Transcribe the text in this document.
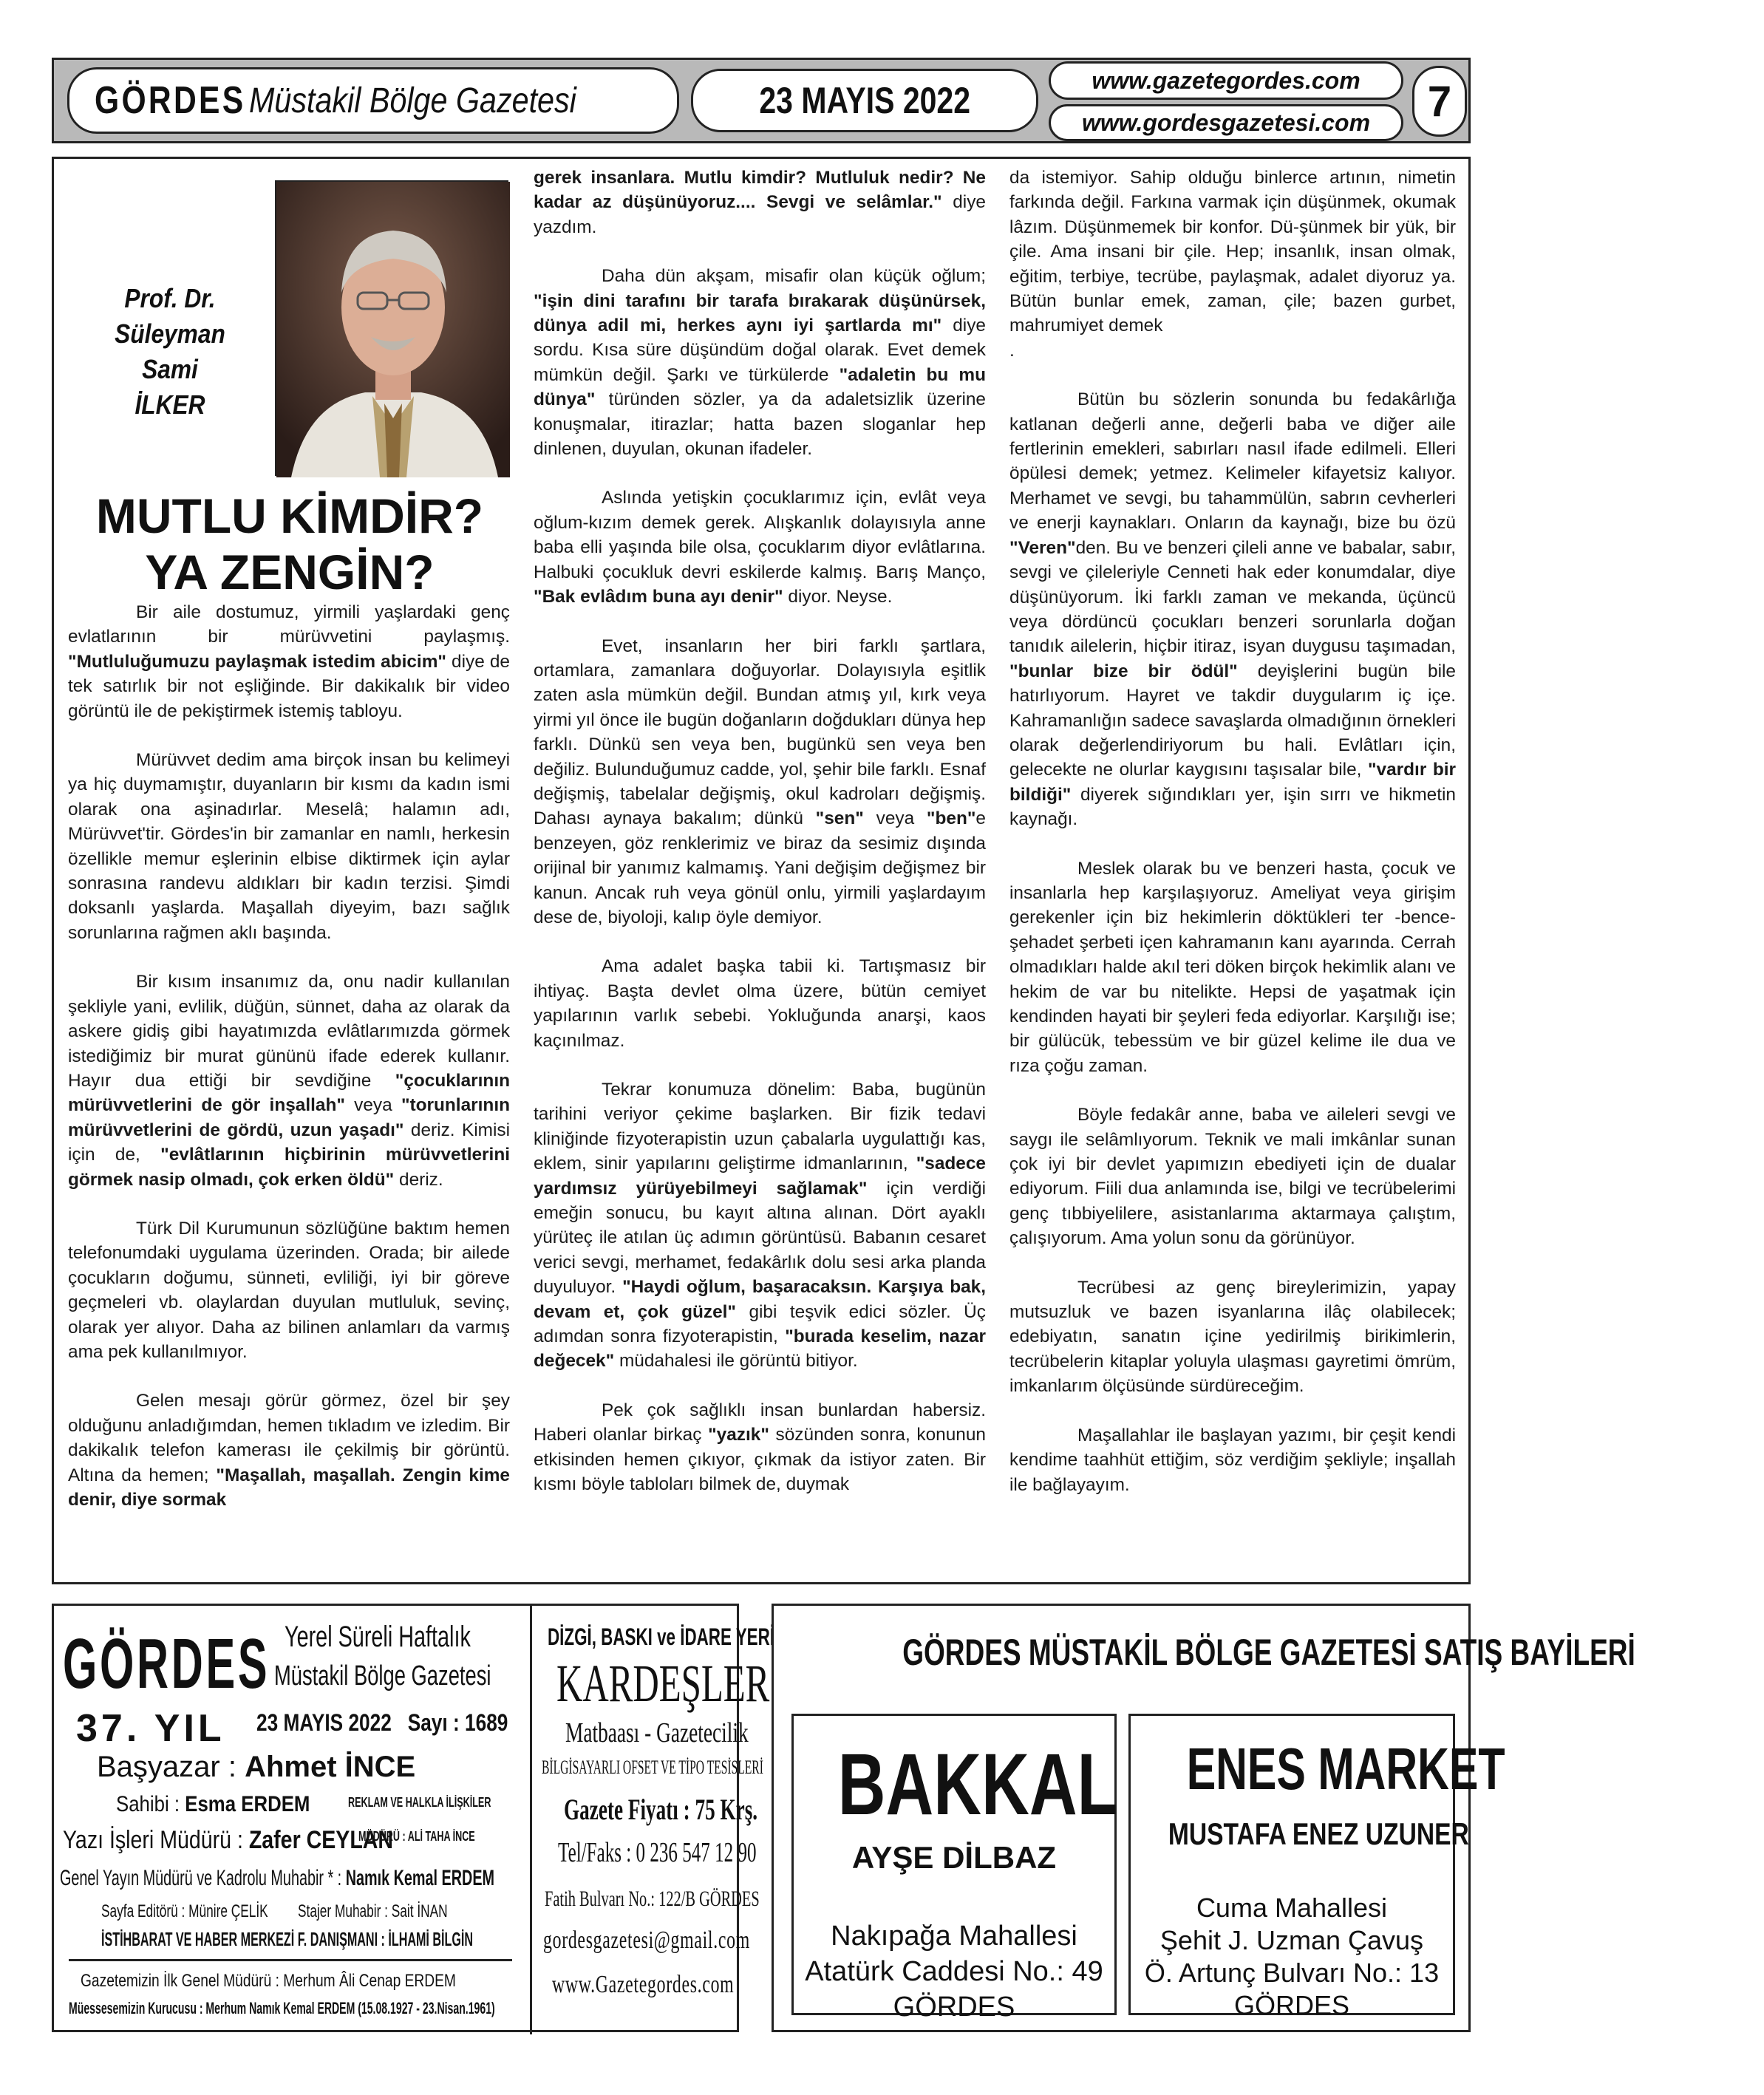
GÖRDES Müstakil Bölge Gazetesi	23 MAYIS 2022	www.gazetegordes.com
www.gordesgazetesi.com	7
Prof. Dr.
Süleyman Sami
İLKER
MUTLU KİMDİR?
YA ZENGİN?

Bir aile dostumuz, yirmili yaşlardaki genç evlatlarının bir mürüvvetini paylaşmış. "Mutluluğumuzu paylaşmak istedim abicim" diye de tek satırlık bir not eşliğinde. Bir dakikalık bir video görüntü ile de pekiştirmek istemiş tabloyu.

Mürüvvet dedim ama birçok insan bu kelimeyi ya hiç duymamıştır, duyanların bir kısmı da kadın ismi olarak ona aşinadırlar. Meselâ; halamın adı, Mürüvvet'tir. Gördes'in bir zamanlar en namlı, herkesin özellikle memur eşlerinin elbise diktirmek için aylar sonrasına randevu aldıkları bir kadın terzisi. Şimdi doksanlı yaşlarda. Maşallah diyeyim, bazı sağlık sorunlarına rağmen aklı başında.

Bir kısım insanımız da, onu nadir kullanılan şekliyle yani, evlilik, düğün, sünnet, daha az olarak da askere gidiş gibi hayatımızda evlâtlarımızda görmek istediğimiz bir murat gününü ifade ederek kullanır. Hayır dua ettiği bir sevdiğine "çocuklarının mürüvvetlerini de gör inşallah" veya "torunlarının mürüvvetlerini de gördü, uzun yaşadı" deriz. Kimisi için de, "evlâtlarının hiçbirinin mürüvvetlerini görmek nasip olmadı, çok erken öldü" deriz.

Türk Dil Kurumunun sözlüğüne baktım hemen telefonumdaki uygulama üzerinden. Orada; bir ailede çocukların doğumu, sünneti, evliliği, iyi bir göreve geçmeleri vb. olaylardan duyulan mutluluk, sevinç, olarak yer alıyor. Daha az bilinen anlamları da varmış ama pek kullanılmıyor.

Gelen mesajı görür görmez, özel bir şey olduğunu anladığımdan, hemen tıkladım ve izledim. Bir dakikalık telefon kamerası ile çekilmiş bir görüntü. Altına da hemen; "Maşallah, maşallah. Zengin kime denir, diye sormak

gerek insanlara. Mutlu kimdir? Mutluluk nedir? Ne kadar az düşünüyoruz.... Sevgi ve selâmlar." diye yazdım.

Daha dün akşam, misafir olan küçük oğlum; "işin dini tarafını bir tarafa bırakarak düşünürsek, dünya adil mi, herkes aynı iyi şartlarda mı" diye sordu. Kısa süre düşündüm doğal olarak. Evet demek mümkün değil. Şarkı ve türkülerde "adaletin bu mu dünya" türünden sözler, ya da adaletsizlik üzerine konuşmalar, itirazlar; hatta bazen sloganlar hep dinlenen, duyulan, okunan ifadeler.

Aslında yetişkin çocuklarımız için, evlât veya oğlum-kızım demek gerek. Alışkanlık dolayısıyla anne baba elli yaşında bile olsa, çocuklarım diyor evlâtlarına. Halbuki çocukluk devri eskilerde kalmış. Barış Manço, "Bak evlâdım buna ayı denir" diyor. Neyse.

Evet, insanların her biri farklı şartlara, ortamlara, zamanlara doğuyorlar. Dolayısıyla eşitlik zaten asla mümkün değil. Bundan atmış yıl, kırk veya yirmi yıl önce ile bugün doğanların doğdukları dünya hep farklı. Dünkü sen veya ben, bugünkü sen veya ben değiliz. Bulunduğumuz cadde, yol, şehir bile farklı. Esnaf değişmiş, tabelalar değişmiş, okul kadroları değişmiş. Dahası aynaya bakalım; dünkü "sen" veya "ben"e benzeyen, göz renklerimiz ve biraz da sesimiz dışında orijinal bir yanımız kalmamış. Yani değişim değişmez bir kanun. Ancak ruh veya gönül onlu, yirmili yaşlardayım dese de, biyoloji, kalıp öyle demiyor.

Ama adalet başka tabii ki. Tartışmasız bir ihtiyaç. Başta devlet olma üzere, bütün cemiyet yapılarının varlık sebebi. Yokluğunda anarşi, kaos kaçınılmaz.

Tekrar konumuza dönelim: Baba, bugünün tarihini veriyor çekime başlarken. Bir fizik tedavi kliniğinde fizyoterapistin uzun çabalarla uygulattığı kas, eklem, sinir yapılarını geliştirme idmanlarının, "sadece yardımsız yürüyebilmeyi sağlamak" için verdiği emeğin sonucu, bu kayıt altına alınan. Dört ayaklı yürüteç ile atılan üç adımın görüntüsü. Babanın cesaret verici sevgi, merhamet, fedakârlık dolu sesi arka planda duyuluyor. "Haydi oğlum, başaracaksın. Karşıya bak, devam et, çok güzel" gibi teşvik edici sözler. Üç adımdan sonra fizyoterapistin, "burada keselim, nazar değecek" müdahalesi ile görüntü bitiyor.

Pek çok sağlıklı insan bunlardan habersiz. Haberi olanlar birkaç "yazık" sözünden sonra, konunun etkisinden hemen çıkıyor, çıkmak da istiyor zaten. Bir kısmı böyle tabloları bilmek de, duymak

da istemiyor. Sahip olduğu binlerce artının, nimetin farkında değil. Farkına varmak için düşünmek, okumak lâzım. Düşünmemek bir konfor. Dü-şünmek bir yük, bir çile. Ama insani bir çile. Hep; insanlık, insan olmak, eğitim, terbiye, tecrübe, paylaşmak, adalet diyoruz ya. Bütün bunlar emek, zaman, çile; bazen gurbet, mahrumiyet demek

.

Bütün bu sözlerin sonunda bu fedakârlığa katlanan değerli anne, değerli baba ve diğer aile fertlerinin emekleri, sabırları nasıl ifade edilmeli. Elleri öpülesi demek; yetmez. Kelimeler kifayetsiz kalıyor. Merhamet ve sevgi, bu tahammülün, sabrın cevherleri ve enerji kaynakları. Onların da kaynağı, bize bu özü "Veren"den. Bu ve benzeri çileli anne ve babalar, sabır, sevgi ve çileleriyle Cenneti hak eder konumdalar, diye düşünüyorum. İki farklı zaman ve mekanda, üçüncü veya dördüncü çocukları benzeri sorunlarla doğan tanıdık ailelerin, hiçbir itiraz, isyan duygusu taşımadan, "bunlar bize bir ödül" deyişlerini bugün bile hatırlıyorum. Hayret ve takdir duygularım iç içe. Kahramanlığın sadece savaşlarda olmadığının örnekleri olarak değerlendiriyorum bu hali. Evlâtları için, gelecekte ne olurlar kaygısını taşısalar bile, "vardır bir bildiği" diyerek sığındıkları yer, işin sırrı ve hikmetin kaynağı.

Meslek olarak bu ve benzeri hasta, çocuk ve insanlarla hep karşılaşıyoruz. Ameliyat veya girişim gerekenler için biz hekimlerin döktükleri ter -bence- şehadet şerbeti içen kahramanın kanı ayarında. Cerrah olmadıkları halde akıl teri döken birçok hekimlik alanı ve hekim de var bu nitelikte. Hepsi de yaşatmak için kendinden hayati bir şeyleri feda ediyorlar. Karşılığı ise; bir gülücük, tebessüm ve bir güzel kelime ile dua ve rıza çoğu zaman.

Böyle fedakâr anne, baba ve aileleri sevgi ve saygı ile selâmlıyorum. Teknik ve mali imkânlar sunan çok iyi bir devlet yapımızın ebediyeti için de dualar ediyorum. Fiili dua anlamında ise, bilgi ve tecrübelerimi genç tıbbiyelilere, asistanlarıma aktarmaya çalıştım, çalışıyorum. Ama yolun sonu da görünüyor.

Tecrübesi az genç bireylerimizin, yapay mutsuzluk ve bazen isyanlarına ilâç olabilecek; edebiyatın, sanatın içine yedirilmiş birikimlerin, tecrübelerin kitaplar yoluyla ulaşması gayretimi ömrüm, imkanlarım ölçüsünde sürdüreceğim.

Maşallahlar ile başlayan yazımı, bir çeşit kendi kendime taahhüt ettiğim, söz verdiğim şekliyle; inşallah ile bağlayayım.

GÖRDES Yerel Süreli Haftalık
Müstakil Bölge Gazetesi
37. YIL 23 MAYIS 2022 Sayı : 1689
Başyazar : Ahmet İNCE
Sahibi : Esma ERDEM	REKLAM VE HALKLA İLİŞKİLER
MÜDÜRÜ : ALİ TAHA İNCE
Yazı İşleri Müdürü : Zafer CEYLAN
Genel Yayın Müdürü ve Kadrolu Muhabir * : Namık Kemal ERDEM
Sayfa Editörü : Münire ÇELİK	Stajer Muhabir : Sait İNAN
İSTİHBARAT VE HABER MERKEZİ F. DANIŞMANI : İLHAMİ BİLGİN
Gazetemizin İlk Genel Müdürü : Merhum Âli Cenap ERDEM
Müessesemizin Kurucusu : Merhum Namık Kemal ERDEM (15.08.1927 - 23.Nisan.1961)
DİZGİ, BASKI ve İDARE YERİ
KARDEŞLER
Matbaası - Gazetecilik
BİLGİSAYARLI OFSET VE TİPO TESİSLERİ
Gazete Fiyatı : 75 Krş.
Tel/Faks : 0 236 547 12 90
Fatih Bulvarı No.: 122/B GÖRDES
gordesgazetesi@gmail.com
www.Gazetegordes.com
GÖRDES MÜSTAKİL BÖLGE GAZETESİ SATIŞ BAYİLERİ
BAKKAL
AYŞE DİLBAZ
Nakıpağa Mahallesi
Atatürk Caddesi No.: 49
GÖRDES
ENES MARKET
MUSTAFA ENEZ UZUNER
Cuma Mahallesi
Şehit J. Uzman Çavuş
Ö. Artunç Bulvarı No.: 13
GÖRDES
